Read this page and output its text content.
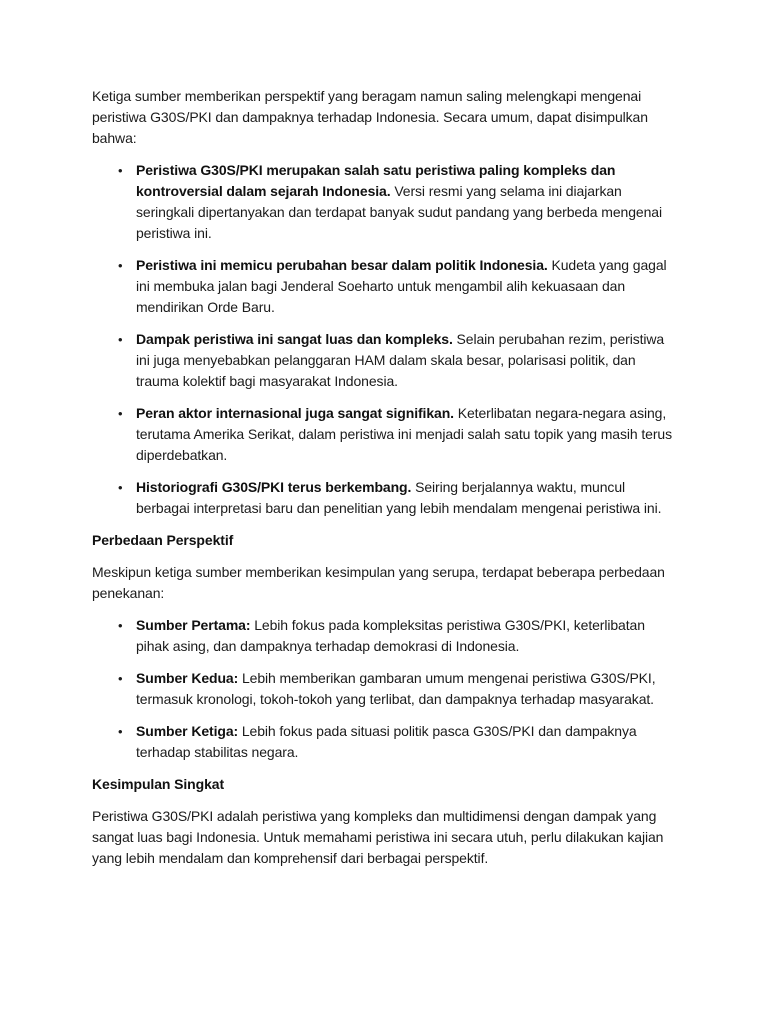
Ketiga sumber memberikan perspektif yang beragam namun saling melengkapi mengenai peristiwa G30S/PKI dan dampaknya terhadap Indonesia. Secara umum, dapat disimpulkan bahwa:

• Peristiwa G30S/PKI merupakan salah satu peristiwa paling kompleks dan kontroversial dalam sejarah Indonesia. Versi resmi yang selama ini diajarkan seringkali dipertanyakan dan terdapat banyak sudut pandang yang berbeda mengenai peristiwa ini.
• Peristiwa ini memicu perubahan besar dalam politik Indonesia. Kudeta yang gagal ini membuka jalan bagi Jenderal Soeharto untuk mengambil alih kekuasaan dan mendirikan Orde Baru.
• Dampak peristiwa ini sangat luas dan kompleks. Selain perubahan rezim, peristiwa ini juga menyebabkan pelanggaran HAM dalam skala besar, polarisasi politik, dan trauma kolektif bagi masyarakat Indonesia.
• Peran aktor internasional juga sangat signifikan. Keterlibatan negara-negara asing, terutama Amerika Serikat, dalam peristiwa ini menjadi salah satu topik yang masih terus diperdebatkan.
• Historiografi G30S/PKI terus berkembang. Seiring berjalannya waktu, muncul berbagai interpretasi baru dan penelitian yang lebih mendalam mengenai peristiwa ini.
Perbedaan Perspektif

Meskipun ketiga sumber memberikan kesimpulan yang serupa, terdapat beberapa perbedaan penekanan:

• Sumber Pertama: Lebih fokus pada kompleksitas peristiwa G30S/PKI, keterlibatan pihak asing, dan dampaknya terhadap demokrasi di Indonesia.
• Sumber Kedua: Lebih memberikan gambaran umum mengenai peristiwa G30S/PKI, termasuk kronologi, tokoh-tokoh yang terlibat, dan dampaknya terhadap masyarakat.
• Sumber Ketiga: Lebih fokus pada situasi politik pasca G30S/PKI dan dampaknya terhadap stabilitas negara.
Kesimpulan Singkat

Peristiwa G30S/PKI adalah peristiwa yang kompleks dan multidimensi dengan dampak yang sangat luas bagi Indonesia. Untuk memahami peristiwa ini secara utuh, perlu dilakukan kajian yang lebih mendalam dan komprehensif dari berbagai perspektif.
